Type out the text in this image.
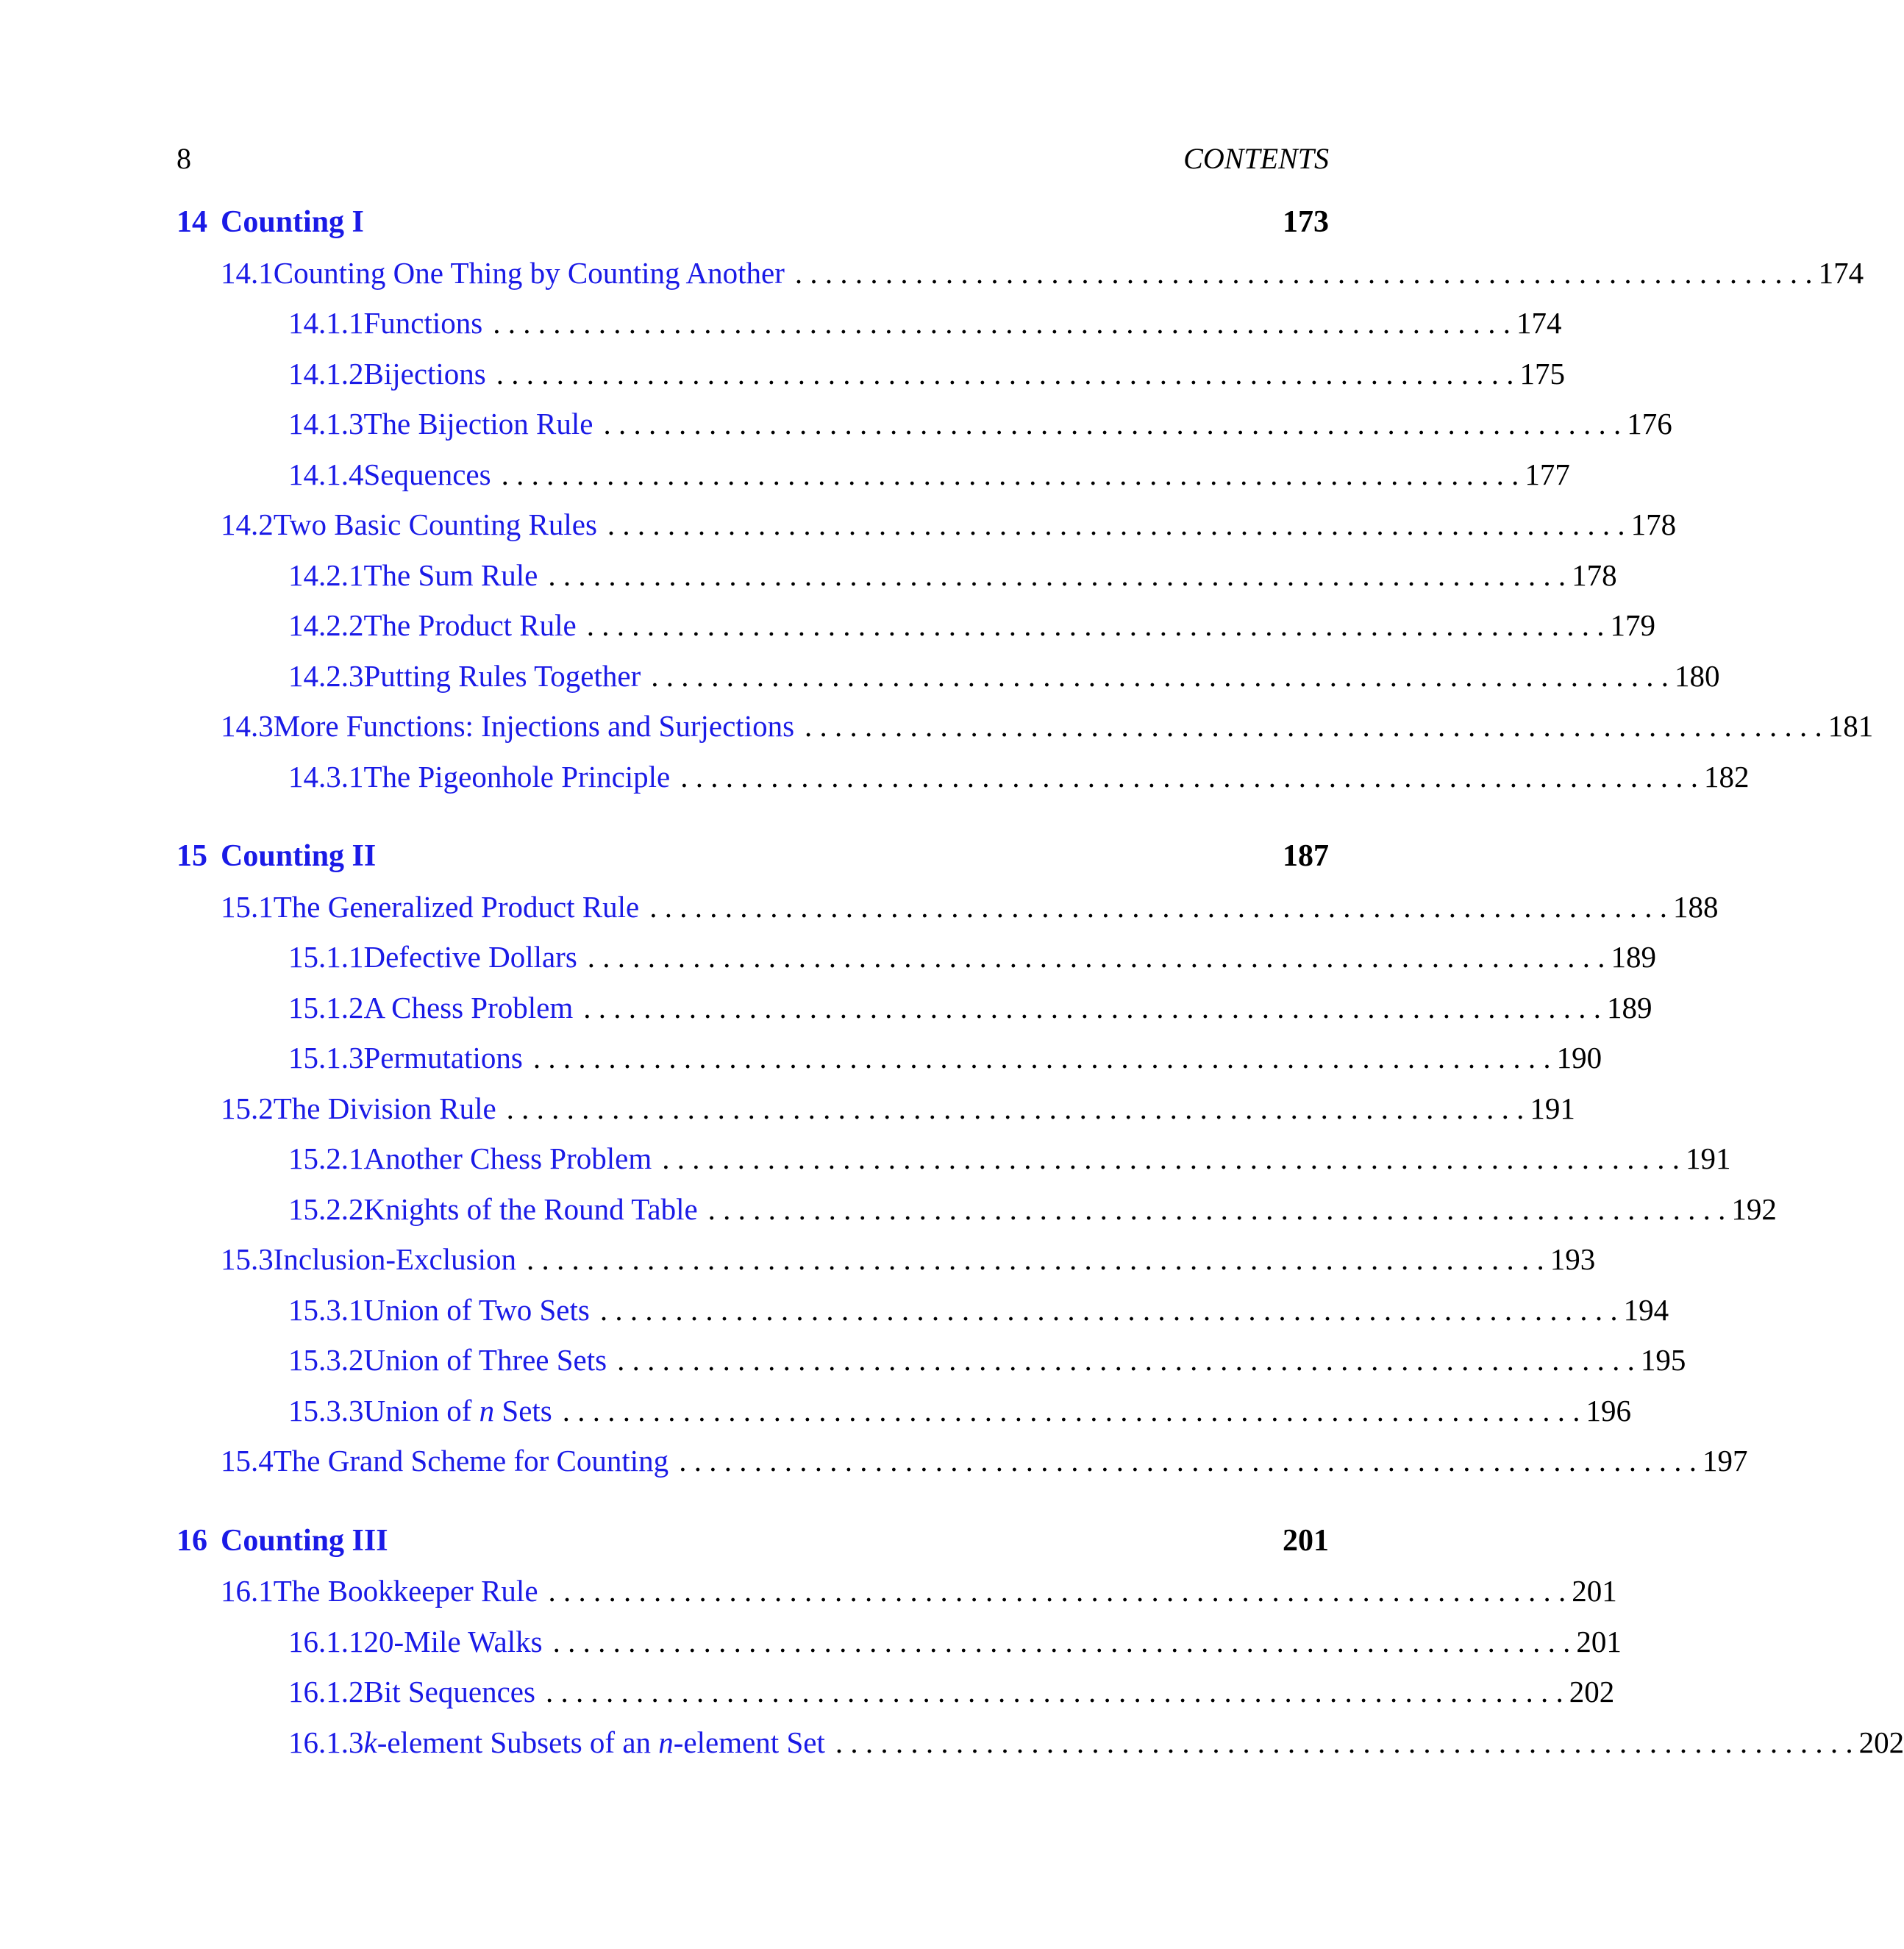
8	CONTENTS
14 Counting I	173
14.1 Counting One Thing by Counting Another . . . . . . . . . . . . . . . . . . . . . . . . . . . . . . . . . . . . . . . . . . . . . . . . . . . . . . . . . . . . . . . . . . . . 174
14.1.1 Functions . . . . . . . . . . . . . . . . . . . . . . . . . . . . . . . . . . . . . . . . . . . . . . . . . . . . . . . . . . . . . . . . . . . . 174
14.1.2 Bijections . . . . . . . . . . . . . . . . . . . . . . . . . . . . . . . . . . . . . . . . . . . . . . . . . . . . . . . . . . . . . . . . . . . . 175
14.1.3 The Bijection Rule . . . . . . . . . . . . . . . . . . . . . . . . . . . . . . . . . . . . . . . . . . . . . . . . . . . . . . . . . . . . . . . . . . . . 176
14.1.4 Sequences . . . . . . . . . . . . . . . . . . . . . . . . . . . . . . . . . . . . . . . . . . . . . . . . . . . . . . . . . . . . . . . . . . . . 177
14.2 Two Basic Counting Rules . . . . . . . . . . . . . . . . . . . . . . . . . . . . . . . . . . . . . . . . . . . . . . . . . . . . . . . . . . . . . . . . . . . . 178
14.2.1 The Sum Rule . . . . . . . . . . . . . . . . . . . . . . . . . . . . . . . . . . . . . . . . . . . . . . . . . . . . . . . . . . . . . . . . . . . . 178
14.2.2 The Product Rule . . . . . . . . . . . . . . . . . . . . . . . . . . . . . . . . . . . . . . . . . . . . . . . . . . . . . . . . . . . . . . . . . . . . 179
14.2.3 Putting Rules Together . . . . . . . . . . . . . . . . . . . . . . . . . . . . . . . . . . . . . . . . . . . . . . . . . . . . . . . . . . . . . . . . . . . . 180
14.3 More Functions: Injections and Surjections . . . . . . . . . . . . . . . . . . . . . . . . . . . . . . . . . . . . . . . . . . . . . . . . . . . . . . . . . . . . . . . . . . . . 181
14.3.1 The Pigeonhole Principle . . . . . . . . . . . . . . . . . . . . . . . . . . . . . . . . . . . . . . . . . . . . . . . . . . . . . . . . . . . . . . . . . . . . 182
15 Counting II	187
15.1 The Generalized Product Rule . . . . . . . . . . . . . . . . . . . . . . . . . . . . . . . . . . . . . . . . . . . . . . . . . . . . . . . . . . . . . . . . . . . . 188
15.1.1 Defective Dollars . . . . . . . . . . . . . . . . . . . . . . . . . . . . . . . . . . . . . . . . . . . . . . . . . . . . . . . . . . . . . . . . . . . . 189
15.1.2 A Chess Problem . . . . . . . . . . . . . . . . . . . . . . . . . . . . . . . . . . . . . . . . . . . . . . . . . . . . . . . . . . . . . . . . . . . . 189
15.1.3 Permutations . . . . . . . . . . . . . . . . . . . . . . . . . . . . . . . . . . . . . . . . . . . . . . . . . . . . . . . . . . . . . . . . . . . . 190
15.2 The Division Rule . . . . . . . . . . . . . . . . . . . . . . . . . . . . . . . . . . . . . . . . . . . . . . . . . . . . . . . . . . . . . . . . . . . . 191
15.2.1 Another Chess Problem . . . . . . . . . . . . . . . . . . . . . . . . . . . . . . . . . . . . . . . . . . . . . . . . . . . . . . . . . . . . . . . . . . . . 191
15.2.2 Knights of the Round Table . . . . . . . . . . . . . . . . . . . . . . . . . . . . . . . . . . . . . . . . . . . . . . . . . . . . . . . . . . . . . . . . . . . . 192
15.3 Inclusion-Exclusion . . . . . . . . . . . . . . . . . . . . . . . . . . . . . . . . . . . . . . . . . . . . . . . . . . . . . . . . . . . . . . . . . . . . 193
15.3.1 Union of Two Sets . . . . . . . . . . . . . . . . . . . . . . . . . . . . . . . . . . . . . . . . . . . . . . . . . . . . . . . . . . . . . . . . . . . . 194
15.3.2 Union of Three Sets . . . . . . . . . . . . . . . . . . . . . . . . . . . . . . . . . . . . . . . . . . . . . . . . . . . . . . . . . . . . . . . . . . . . 195
15.3.3 Union of n Sets . . . . . . . . . . . . . . . . . . . . . . . . . . . . . . . . . . . . . . . . . . . . . . . . . . . . . . . . . . . . . . . . . . . . 196
15.4 The Grand Scheme for Counting . . . . . . . . . . . . . . . . . . . . . . . . . . . . . . . . . . . . . . . . . . . . . . . . . . . . . . . . . . . . . . . . . . . . 197
16 Counting III	201
16.1 The Bookkeeper Rule . . . . . . . . . . . . . . . . . . . . . . . . . . . . . . . . . . . . . . . . . . . . . . . . . . . . . . . . . . . . . . . . . . . . 201
16.1.1 20-Mile Walks . . . . . . . . . . . . . . . . . . . . . . . . . . . . . . . . . . . . . . . . . . . . . . . . . . . . . . . . . . . . . . . . . . . . 201
16.1.2 Bit Sequences . . . . . . . . . . . . . . . . . . . . . . . . . . . . . . . . . . . . . . . . . . . . . . . . . . . . . . . . . . . . . . . . . . . . 202
16.1.3 k-element Subsets of an n-element Set . . . . . . . . . . . . . . . . . . . . . . . . . . . . . . . . . . . . . . . . . . . . . . . . . . . . . . . . . . . . . . . . . . . . 202
